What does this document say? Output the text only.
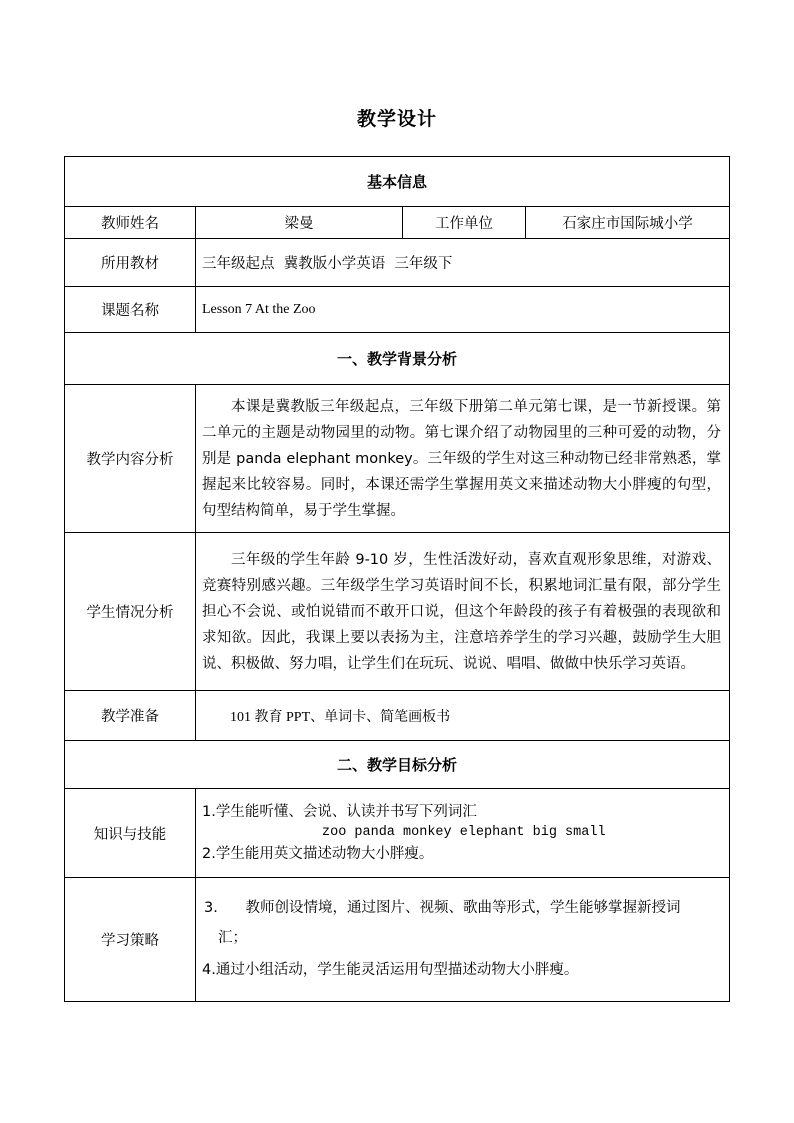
教学设计
基本信息			
教师姓名	梁曼	工作单位	石家庄市国际城小学
所用教材	三年级起点  冀教版小学英语  三年级下		
课题名称	Lesson 7 At the Zoo		
一、教学背景分析			
教学内容分析	本课是冀教版三年级起点，三年级下册第二单元第七课，是一节新授课。第二单元的主题是动物园里的动物。第七课介绍了动物园里的三种可爱的动物，分别是 panda elephant monkey。三年级的学生对这三种动物已经非常熟悉，掌握起来比较容易。同时，本课还需学生掌握用英文来描述动物大小胖瘦的句型，句型结构简单，易于学生掌握。		
学生情况分析	三年级的学生年龄 9-10 岁，生性活泼好动，喜欢直观形象思维，对游戏、竞赛特别感兴趣。三年级学生学习英语时间不长，积累地词汇量有限，部分学生担心不会说、或怕说错而不敢开口说，但这个年龄段的孩子有着极强的表现欲和求知欲。因此，我课上要以表扬为主，注意培养学生的学习兴趣，鼓励学生大胆说、积极做、努力唱，让学生们在玩玩、说说、唱唱、做做中快乐学习英语。		
教学准备	101 教育 PPT、单词卡、简笔画板书		
二、教学目标分析			
知识与技能	1.学生能听懂、会说、认读并书写下列词汇
zoo panda monkey elephant big small
2.学生能用英文描述动物大小胖瘦。		

学习策略	3.      教师创设情境，通过图片、视频、歌曲等形式，学生能够掌握新授词

汇；

4.通过小组活动，学生能灵活运用句型描述动物大小胖瘦。		
